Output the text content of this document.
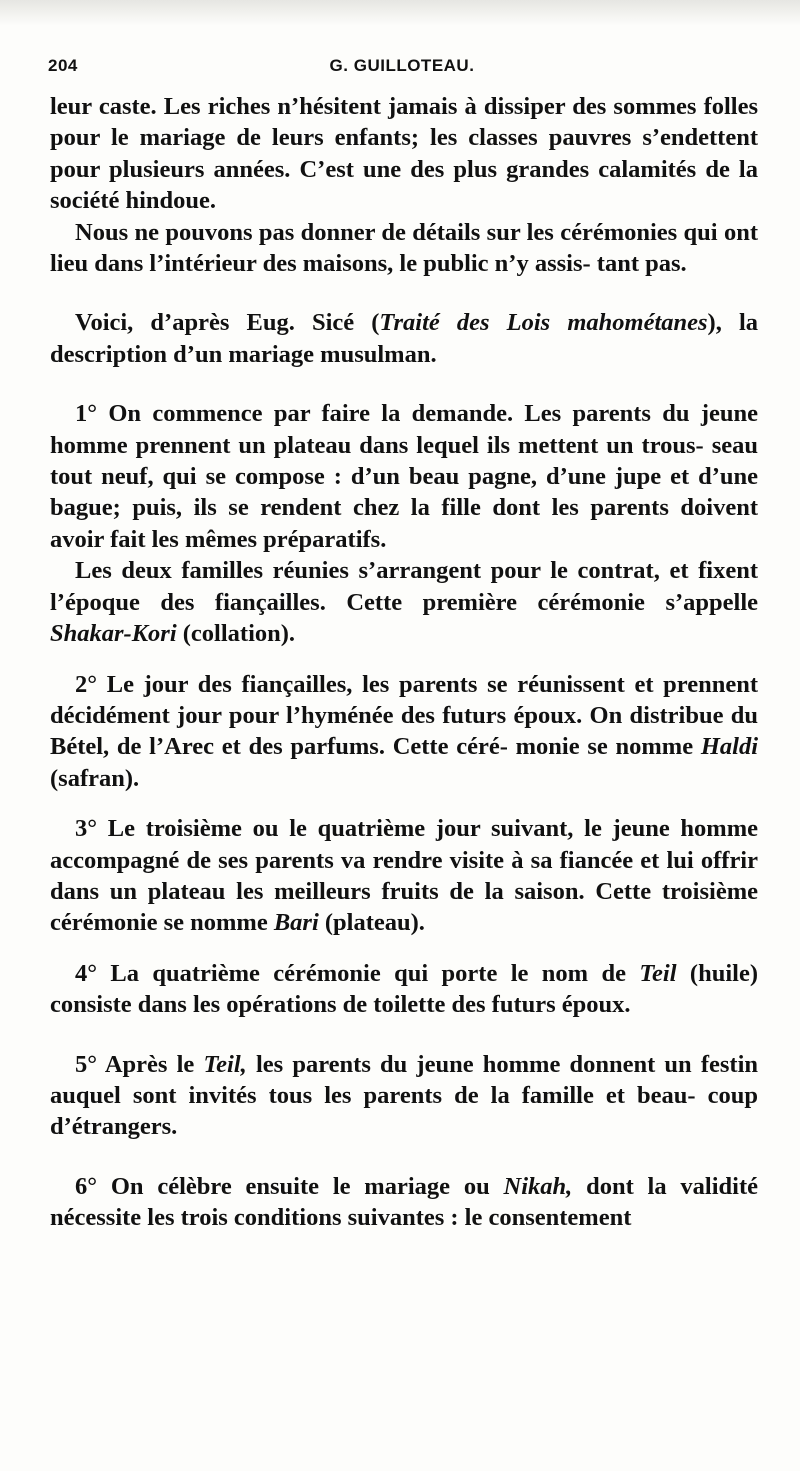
204	G. GUILLOTEAU.

leur caste. Les riches n’hésitent jamais à dissiper des sommes folles pour le mariage de leurs enfants; les classes pauvres s’endettent pour plusieurs années. C’est une des plus grandes calamités de la société hindoue.

Nous ne pouvons pas donner de détails sur les cérémonies qui ont lieu dans l’intérieur des maisons, le public n’y assis- tant pas.

Voici, d’après Eug. Sicé (Traité des Lois mahométanes), la description d’un mariage musulman.

1° On commence par faire la demande. Les parents du jeune homme prennent un plateau dans lequel ils mettent un trous- seau tout neuf, qui se compose : d’un beau pagne, d’une jupe et d’une bague; puis, ils se rendent chez la fille dont les parents doivent avoir fait les mêmes préparatifs.

Les deux familles réunies s’arrangent pour le contrat, et fixent l’époque des fiançailles. Cette première cérémonie s’appelle Shakar-Kori (collation).

2° Le jour des fiançailles, les parents se réunissent et prennent décidément jour pour l’hyménée des futurs époux. On distribue du Bétel, de l’Arec et des parfums. Cette céré- monie se nomme Haldi (safran).

3° Le troisième ou le quatrième jour suivant, le jeune homme accompagné de ses parents va rendre visite à sa fiancée et lui offrir dans un plateau les meilleurs fruits de la saison. Cette troisième cérémonie se nomme Bari (plateau).

4° La quatrième cérémonie qui porte le nom de Teil (huile) consiste dans les opérations de toilette des futurs époux.

5° Après le Teil, les parents du jeune homme donnent un festin auquel sont invités tous les parents de la famille et beau- coup d’étrangers.

6° On célèbre ensuite le mariage ou Nikah, dont la validité nécessite les trois conditions suivantes : le consentement
